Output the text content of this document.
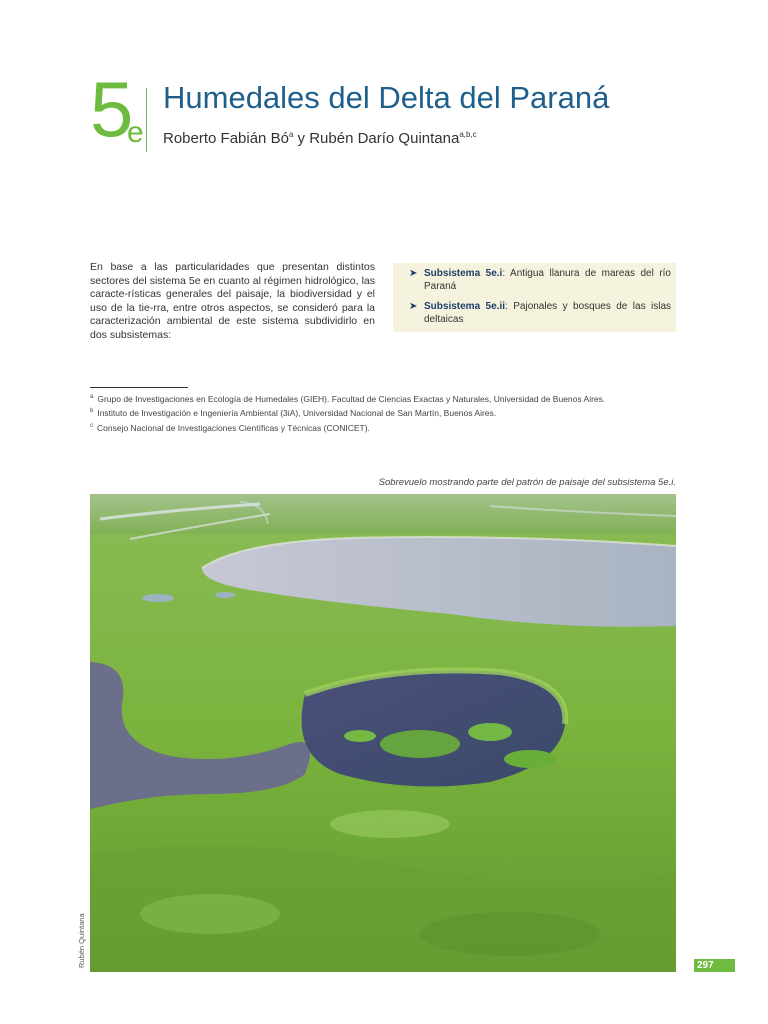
5
e
Humedales del Delta del Paraná
Roberto Fabián $Bó^a$ y Rubén Darío Quintana$^{a,b,c}$

En base a las particularidades que presentan distintos sectores del sistema 5e en cuanto al régimen hidrológico, las caracte-rísticas generales del paisaje, la biodiversidad y el uso de la tie-rra, entre otros aspectos, se consideró para la caracterización ambiental de este sistema subdividirlo en dos subsistemas:

➤ Subsistema 5e.i: Antigua llanura de mareas del río Paraná
➤ Subsistema 5e.ii: Pajonales y bosques de las islas deltaicas
$^a$ Grupo de Investigaciones en Ecología de Humedales (GIEH). Facultad de Ciencias Exactas y Naturales, Universidad de Buenos Aires.
$^b$ Instituto de Investigación e Ingeniería Ambiental (3iA), Universidad Nacional de San Martín, Buenos Aires.
$^c$ Consejo Nacional de Investigaciones Científicas y Técnicas (CONICET).
Sobrevuelo mostrando parte del patrón de paisaje del subsistema 5e.i.
Rubén Quintana	297
